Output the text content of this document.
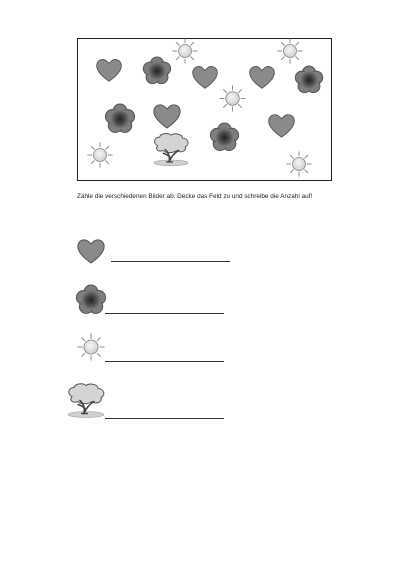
Zähle die verschiedenen Bilder ab. Decke das Feld zu und schreibe die Anzahl auf!
